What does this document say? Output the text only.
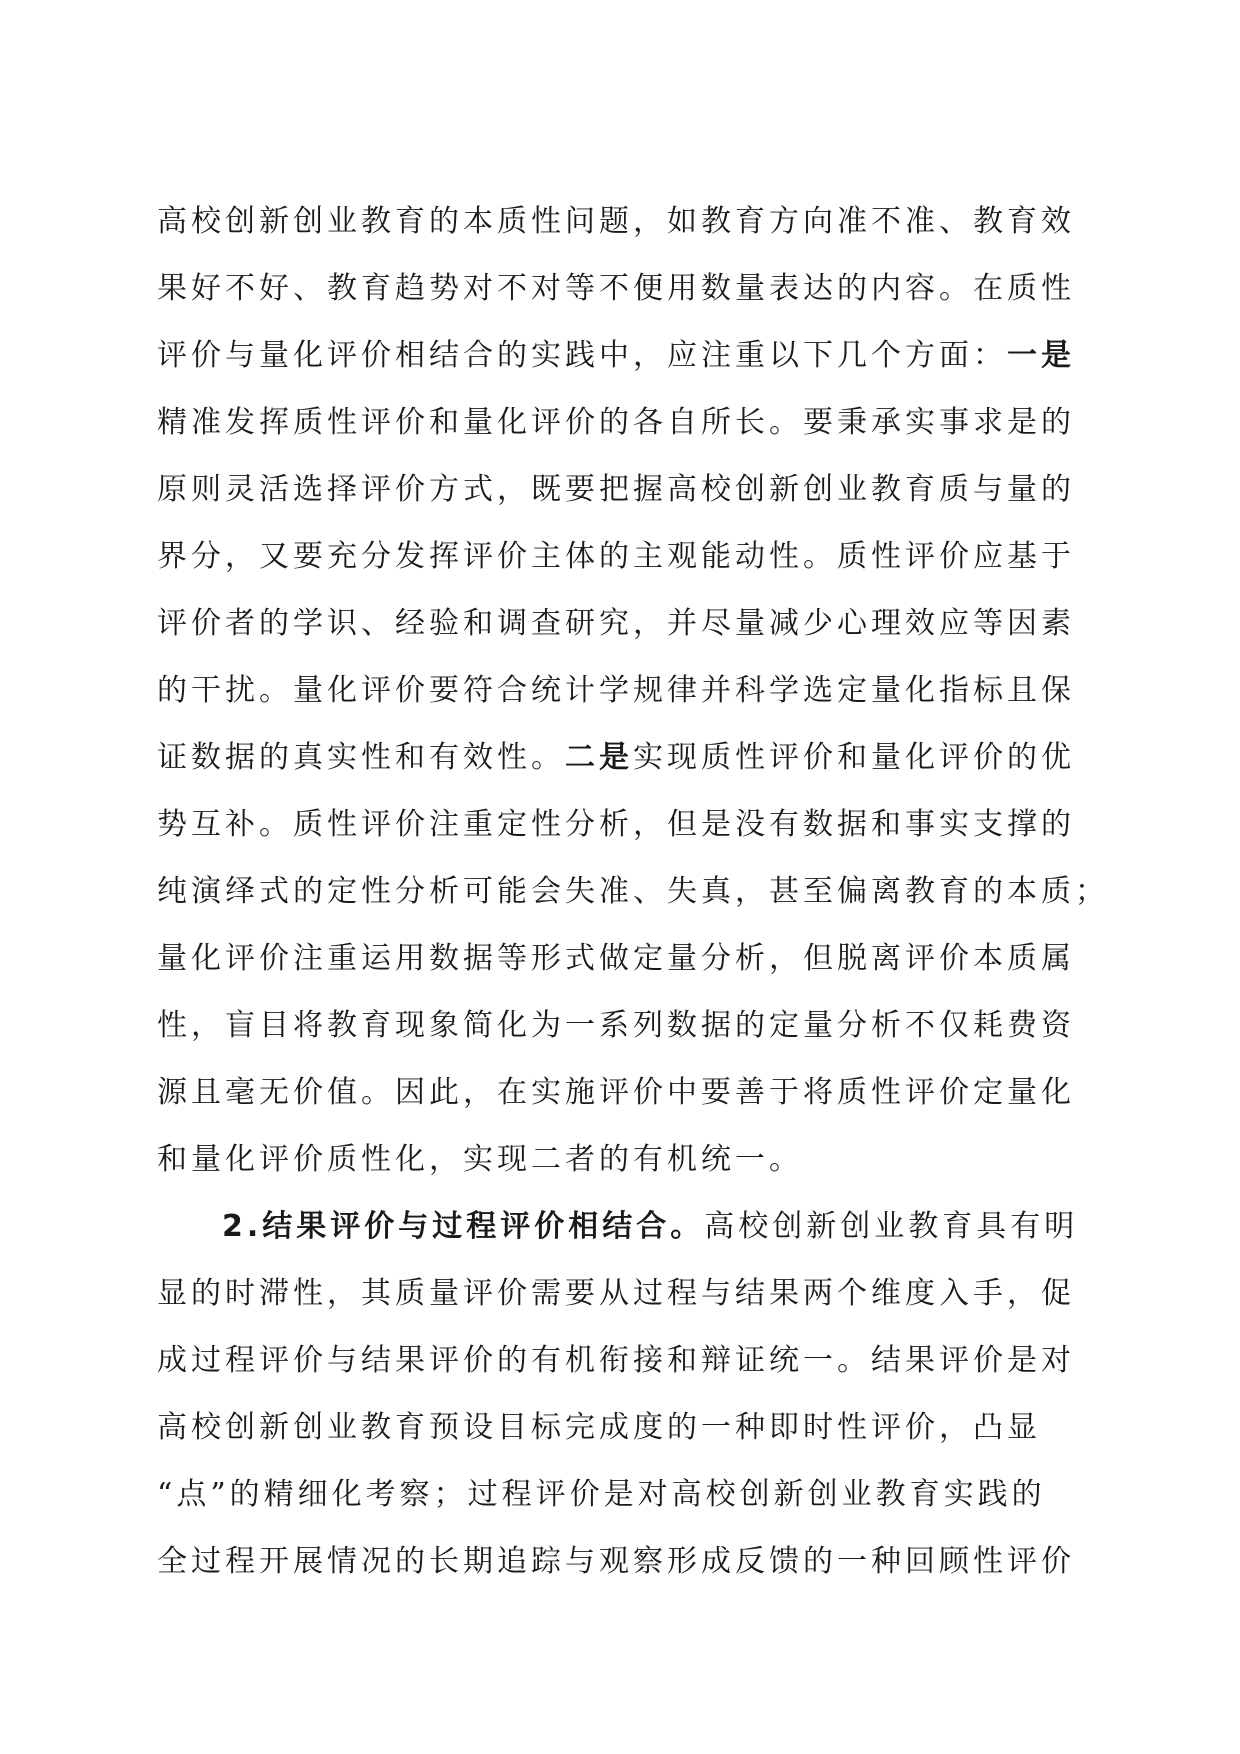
高校创新创业教育的本质性问题，如教育方向准不准、教育效
果好不好、教育趋势对不对等不便用数量表达的内容。在质性
评价与量化评价相结合的实践中，应注重以下几个方面：一是
精准发挥质性评价和量化评价的各自所长。要秉承实事求是的
原则灵活选择评价方式，既要把握高校创新创业教育质与量的
界分，又要充分发挥评价主体的主观能动性。质性评价应基于
评价者的学识、经验和调查研究，并尽量减少心理效应等因素
的干扰。量化评价要符合统计学规律并科学选定量化指标且保
证数据的真实性和有效性。二是实现质性评价和量化评价的优
势互补。质性评价注重定性分析，但是没有数据和事实支撑的
纯演绎式的定性分析可能会失准、失真，甚至偏离教育的本质；
量化评价注重运用数据等形式做定量分析，但脱离评价本质属
性，盲目将教育现象简化为一系列数据的定量分析不仅耗费资
源且毫无价值。因此，在实施评价中要善于将质性评价定量化
和量化评价质性化，实现二者的有机统一。
2.结果评价与过程评价相结合。高校创新创业教育具有明
显的时滞性，其质量评价需要从过程与结果两个维度入手，促
成过程评价与结果评价的有机衔接和辩证统一。结果评价是对
高校创新创业教育预设目标完成度的一种即时性评价，凸显
“点”的精细化考察；过程评价是对高校创新创业教育实践的
全过程开展情况的长期追踪与观察形成反馈的一种回顾性评价
